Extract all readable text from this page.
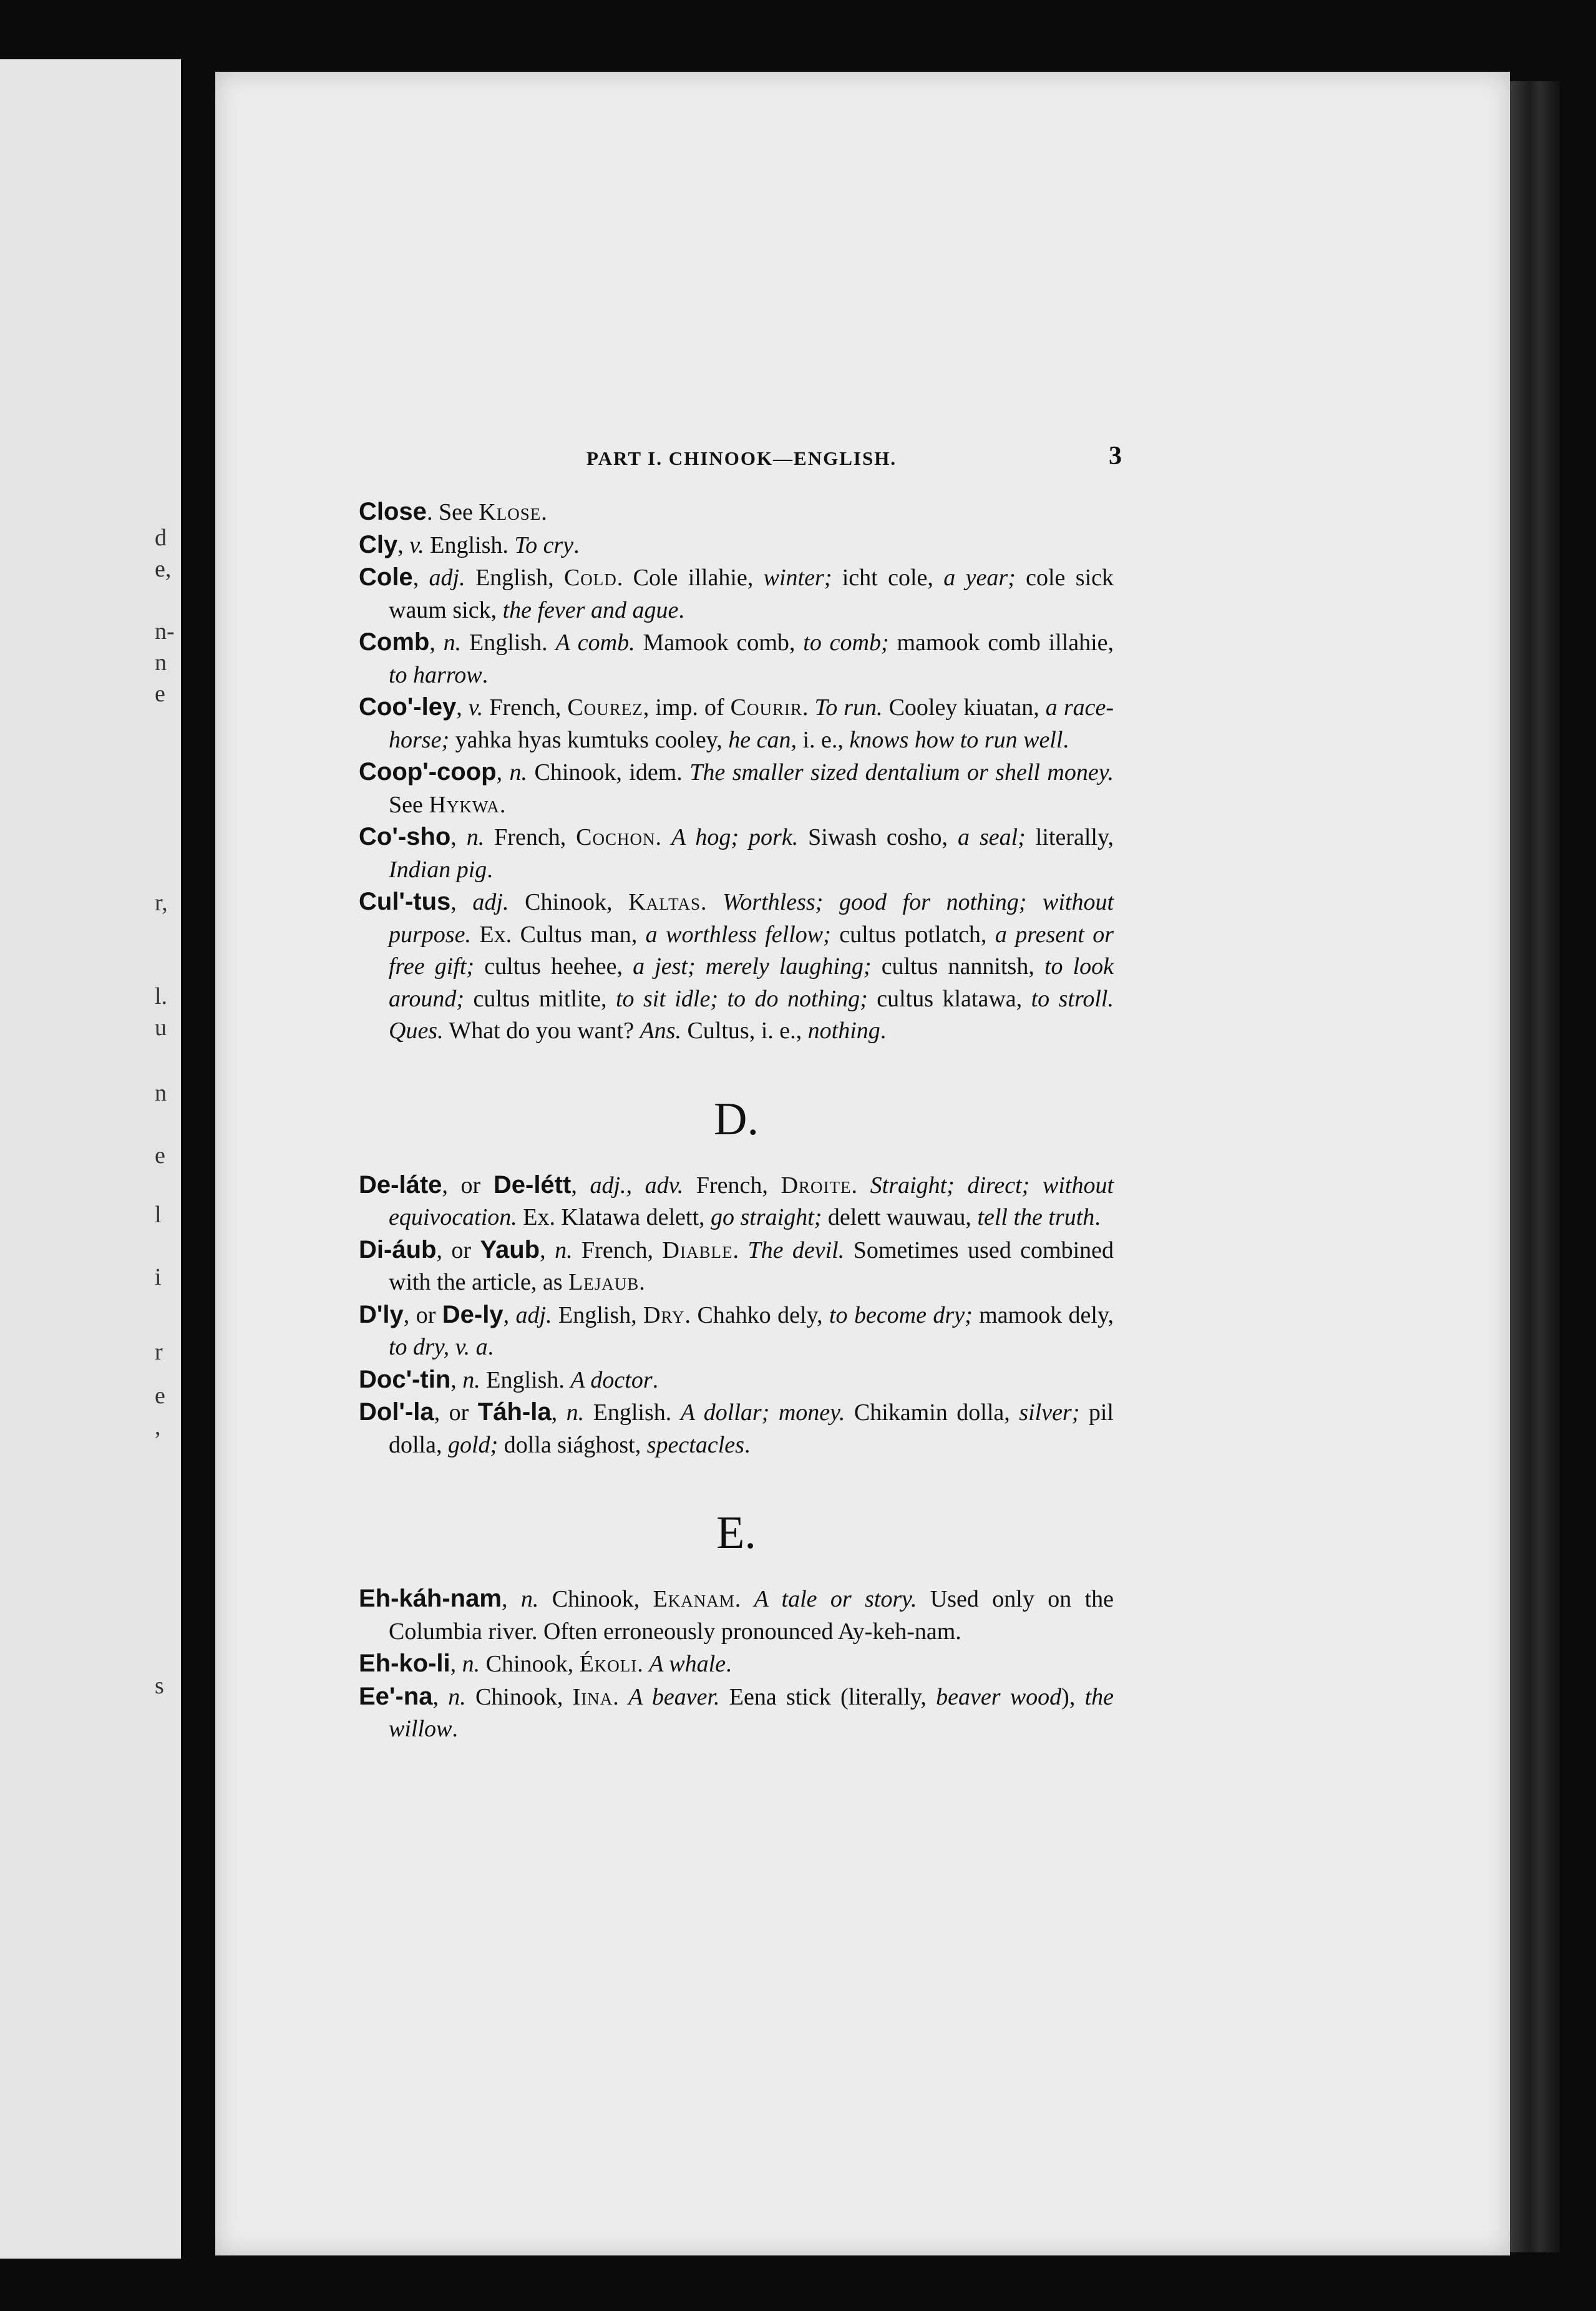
d
e,
n-
n
e
r,
l.
u
n
e
l
i
r
e
,
s
PART I. CHINOOK—ENGLISH.	3

Close. See Klose.

Cly, v. English. To cry.

Cole, adj. English, Cold. Cole illahie, winter; icht cole, a year; cole sick waum sick, the fever and ague.

Comb, n. English. A comb. Mamook comb, to comb; mamook comb illahie, to harrow.

Coo'-ley, v. French, Courez, imp. of Courir. To run. Cooley kiuatan, a race-horse; yahka hyas kumtuks cooley, he can, i. e., knows how to run well.

Coop'-coop, n. Chinook, idem. The smaller sized dentalium or shell money. See Hykwa.

Co'-sho, n. French, Cochon. A hog; pork. Siwash cosho, a seal; literally, Indian pig.

Cul'-tus, adj. Chinook, Kaltas. Worthless; good for nothing; without purpose. Ex. Cultus man, a worthless fellow; cultus potlatch, a present or free gift; cultus heehee, a jest; merely laughing; cultus nannitsh, to look around; cultus mitlite, to sit idle; to do nothing; cultus klatawa, to stroll. Ques. What do you want? Ans. Cultus, i. e., nothing.

D.

De-láte, or De-létt, adj., adv. French, Droite. Straight; direct; without equivocation. Ex. Klatawa delett, go straight; delett wauwau, tell the truth.

Di-áub, or Yaub, n. French, Diable. The devil. Sometimes used combined with the article, as Lejaub.

D'ly, or De-ly, adj. English, Dry. Chahko dely, to become dry; mamook dely, to dry, v. a.

Doc'-tin, n. English. A doctor.

Dol'-la, or Táh-la, n. English. A dollar; money. Chikamin dolla, silver; pil dolla, gold; dolla siághost, spectacles.

E.

Eh-káh-nam, n. Chinook, Ekanam. A tale or story. Used only on the Columbia river. Often erroneously pronounced Ay-keh-nam.

Eh-ko-li, n. Chinook, Ékoli. A whale.

Ee'-na, n. Chinook, Iina. A beaver. Eena stick (literally, beaver wood), the willow.
